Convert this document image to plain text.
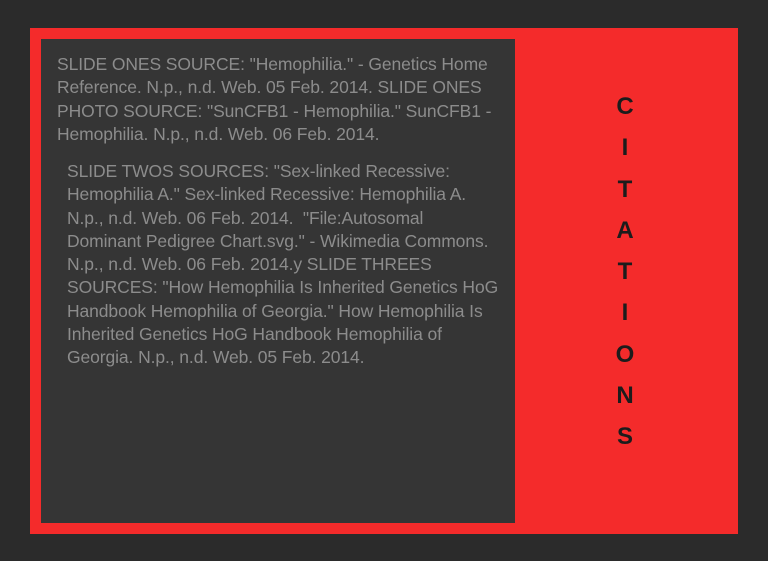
SLIDE ONES SOURCE: "Hemophilia." - Genetics Home Reference. N.p., n.d. Web. 05 Feb. 2014. SLIDE ONES PHOTO SOURCE: "SunCFB1 - Hemophilia." SunCFB1 - Hemophilia. N.p., n.d. Web. 06 Feb. 2014.

SLIDE TWOS SOURCES: "Sex-linked Recessive: Hemophilia A." Sex-linked Recessive: Hemophilia A. N.p., n.d. Web. 06 Feb. 2014.  "File:Autosomal Dominant Pedigree Chart.svg." - Wikimedia Commons. N.p., n.d. Web. 06 Feb. 2014.y SLIDE THREES SOURCES: "How Hemophilia Is Inherited Genetics HoG Handbook Hemophilia of Georgia." How Hemophilia Is Inherited Genetics HoG Handbook Hemophilia of Georgia. N.p., n.d. Web. 05 Feb. 2014.

C
I
T
A
T
I
O
N
S
